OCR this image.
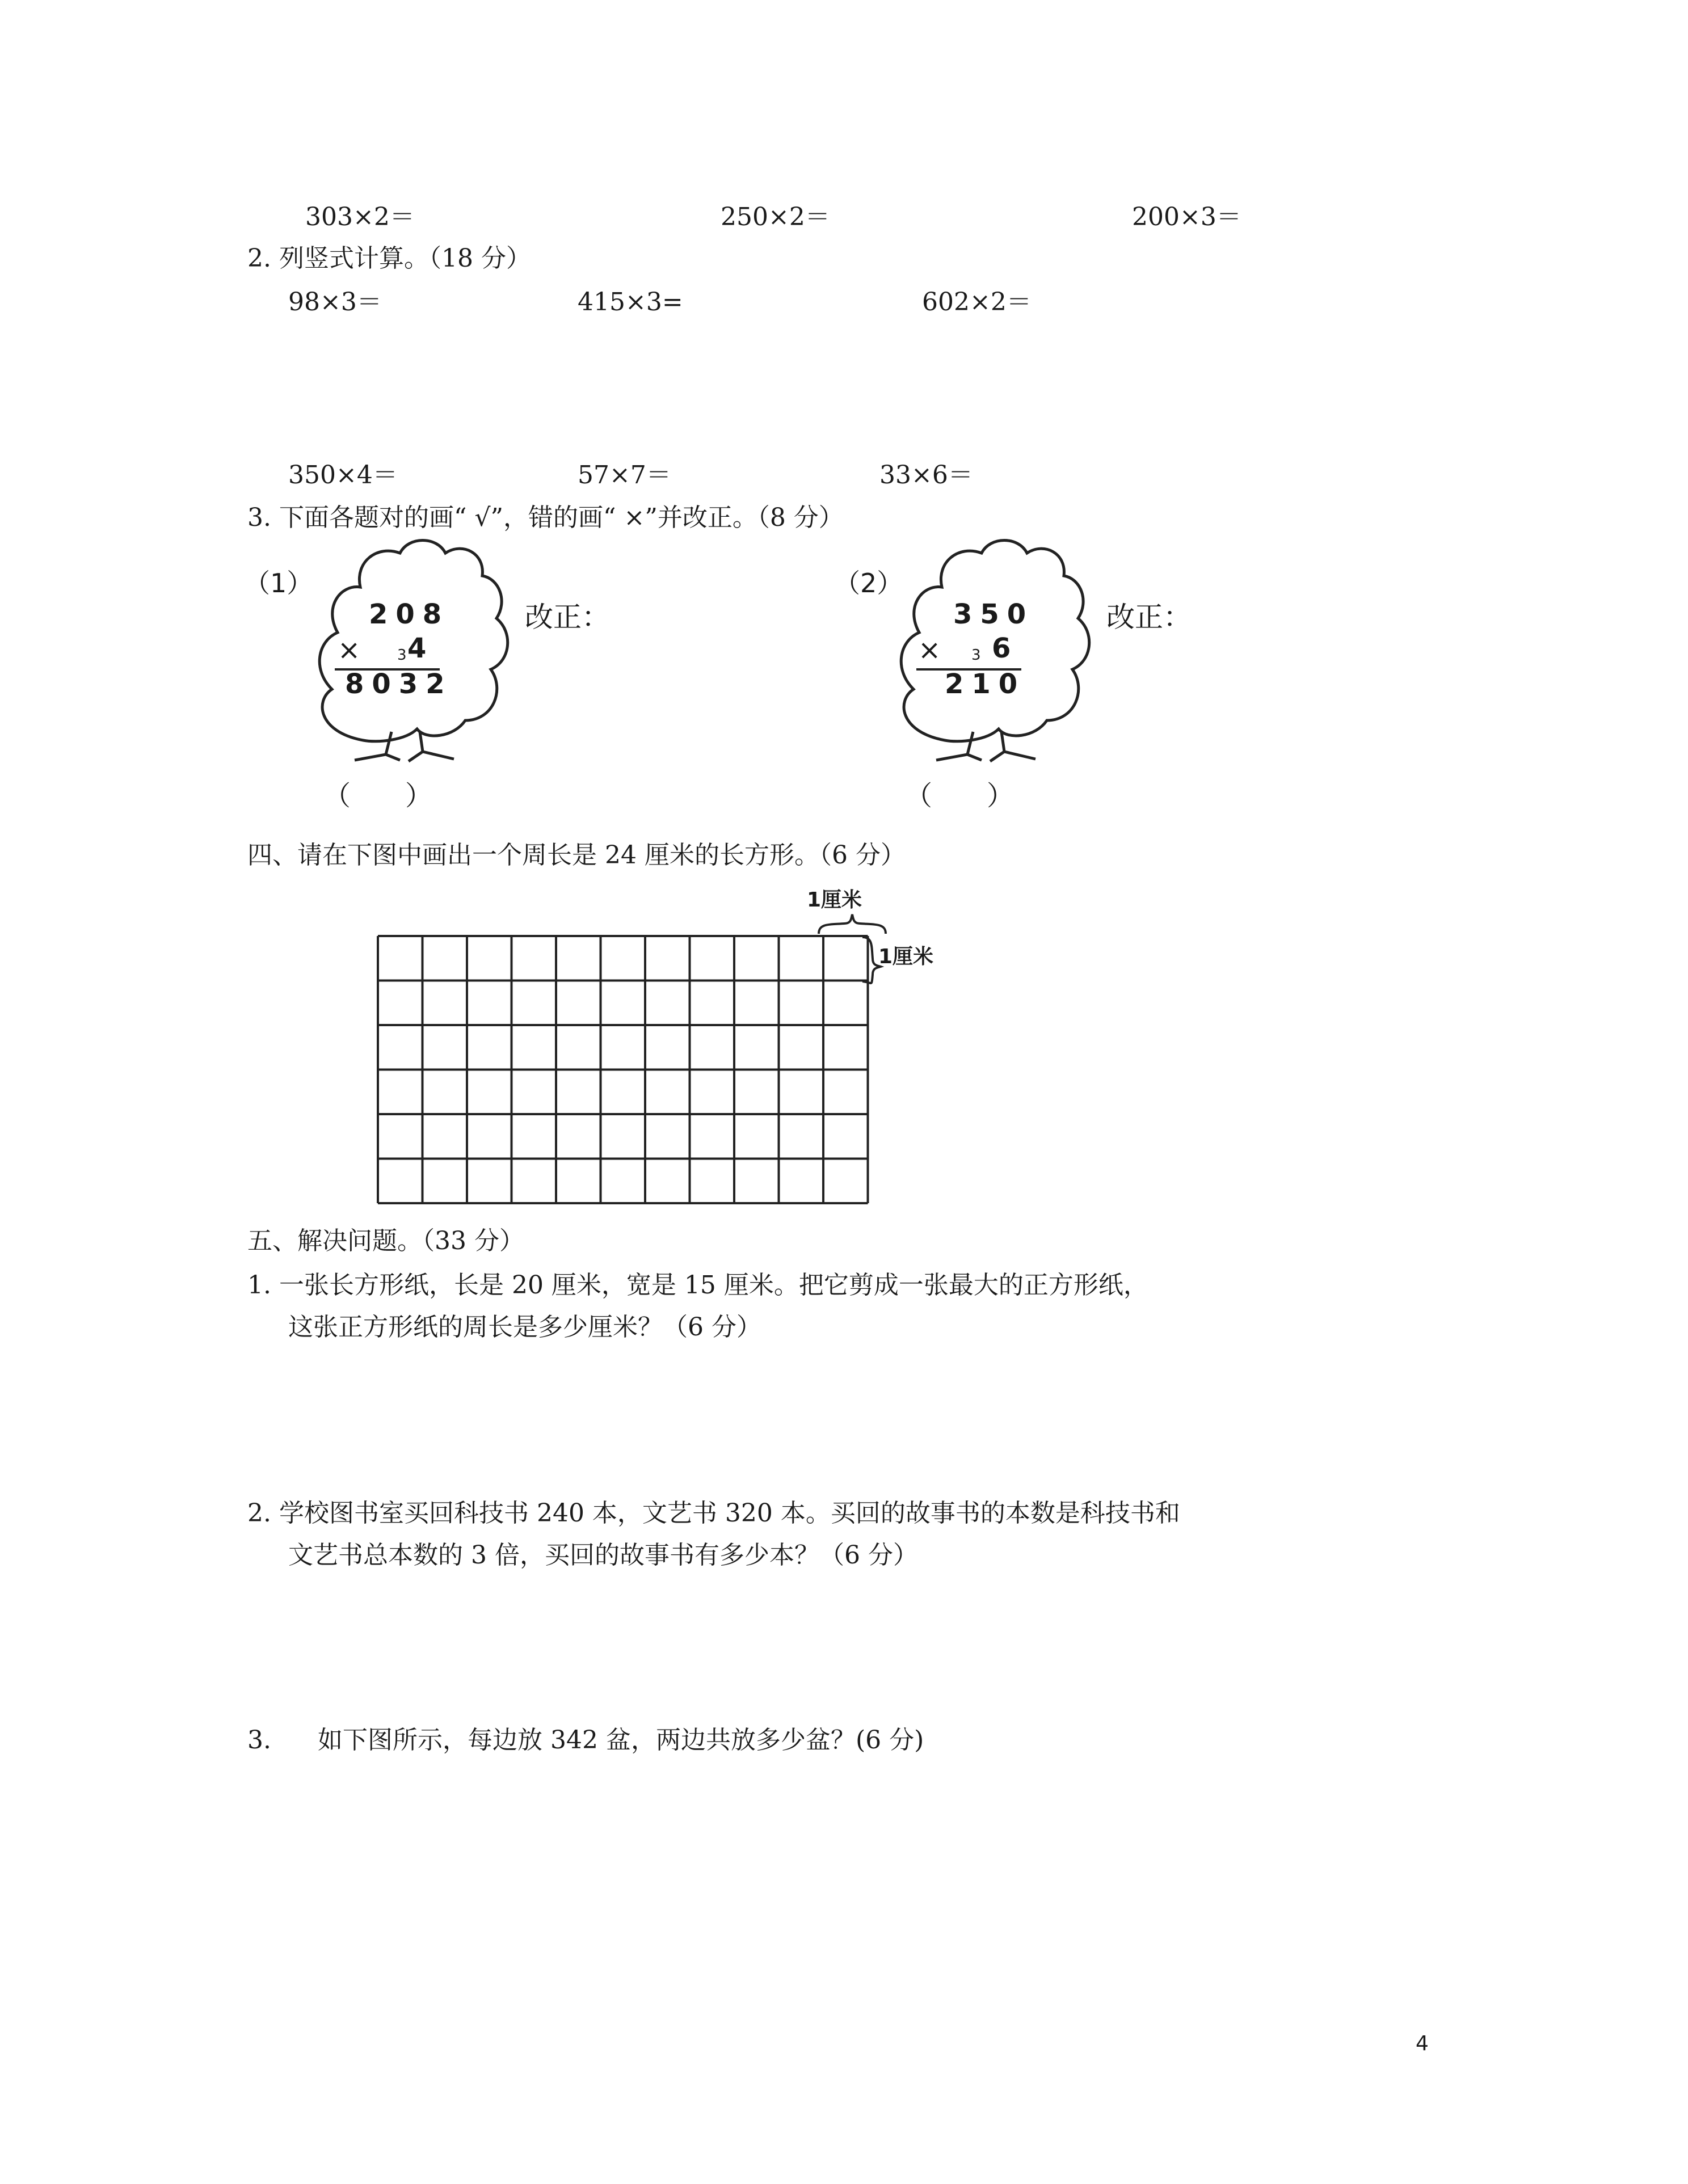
303×2＝	250×2＝	200×3＝
2. 列竖式计算。（18 分）
98×3＝	415×3=	602×2＝
350×4＝	57×7＝	33×6＝
3. 下面各题对的画“ √”，错的画“ ×”并改正。（8 分）
（1）
208
× 3 4
8032
改正：
（　　）
（2）
350
× 3 6
210
改正：
（　　）
四、请在下图中画出一个周长是 24 厘米的长方形。（6 分）
1厘米
1厘米
五、解决问题。（33 分）
1. 一张长方形纸，长是 20 厘米，宽是 15 厘米。把它剪成一张最大的正方形纸，
这张正方形纸的周长是多少厘米？（6 分）
2. 学校图书室买回科技书 240 本，文艺书 320 本。买回的故事书的本数是科技书和
文艺书总本数的 3 倍，买回的故事书有多少本？（6 分）
3. 如下图所示，每边放 342 盆，两边共放多少盆？(6 分)
4
